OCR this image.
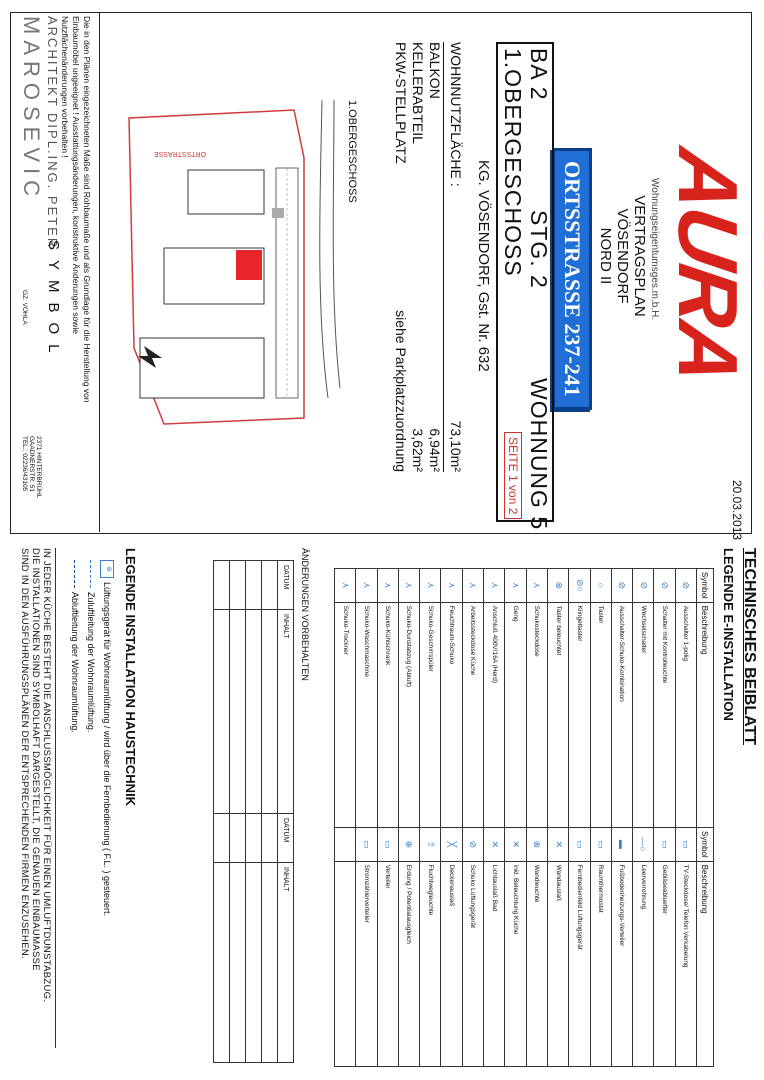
AURA
Wohnungseigentumsges.m.b.H.
VERTRAGSPLAN
VÖSENDORF
NORD II
ORTSSTRASSE 237-241
20.03.2013
BA 2
STG. 2
WOHNUNG 5
1.OBERGESCHOSS
SEITE 1 von 2
KG. VÖSENDORF, Gst. Nr. 632
WOHNNUTZFLÄCHE :
73,10m²
BALKON
6,94m²
KELLERABTEIL
3,62m²
PKW-STELLPLATZ
siehe Parkplatzzuordnung
1.OBERGESCHOSS
ORTSSTRASSE
Die in den Plänen eingezeichneten Maße sind Rohbaumaße und als Grundlage für die Herstellung von
Einbaumöbel ungeeignet ! Ausstattungsänderungen, konstruktive Änderungen sowie
Nutzflächenänderungen vorbehalten !
ARCHITEKT DIPL.ING. PETER
MAROSEVIC
SYMBOL
GZ: VOHLA
2371 HINTERBRÜHL
GAADNERSTR. 51
TEL.: 02236/43105
TECHNISCHES BEIBLATT
LEGENDE E-INSTALLATION
Symbol	Beschreibung
⊘	Ausschalter 1-polig
⊘	Schalter mit Kontrolleuchte
⊘	Wechselschalter
⊘	Ausschalter-Schuko-Kombination
○	Taster
⊘○	Klingeltaster
⊗	Taster beleuchtet
⋏	Schukosteckdose
⋏	Geng
⋏	Anschluß 400V/16A (Herd)
⋏	Arbeitssteckdose Küche
⋏	Feuchtraum-Schuko
⋏	Schuko-Geschirrspüler
⋏	Schuko-Dunstabzug (Abluft)
⋏	Schuko-Kühlschrank
⋏	Schuko-Waschmaschine
⋏	Schuko-Trockner
Symbol	Beschreibung
▭	TV-Steckdose/ Telefon Verkabelung
▭	Gebläseabluefter
—○	Leerverrohrung
▬	Fußbodenheizungs-Verteiler
▭	Raumthermostat
▭	Fernbedienfeld Lüftungsgerät
✕	Wandauslaß
⊗	Wandleuchte
✕	inkl. Beleuchtung Küche
✕	Lichtauslaß Bad
⊘	Schuko Lüftungsgerät
╳	Deckenauslaß
⇧	Fluchtwegleuchte
⊕	Erdung / Potentialausgleich
▭	Verteiler
▭	Stromzählerverteiler

ÄNDERUNGEN VORBEHALTEN
DATUM	INHALT

DATUM	INHALT

LEGENDE INSTALLATION HAUSTECHNIK
⊛
Lüftungsgerät für Wohnraumlüftung / wird über die Fernbedienung ( F.L. ) gesteuert.
Zuluftleitung der Wohnraumlüftung.
Abluftleitung der Wohnraumlüftung.
IN JEDER KÜCHE BESTEHT DIE ANSCHLUSSMÖGLICHKEIT FÜR EINEN UMLUFTDUNSTABZUG.
DIE INSTALLATIONEN SIND SYMBOLHAFT DARGESTELLT, DIE GENAUEN EINBAUMASSE
SIND IN DEN AUSFÜHRUNGSPLÄNEN DER ENTSPRECHENDEN FIRMEN ENZUSEHEN.
